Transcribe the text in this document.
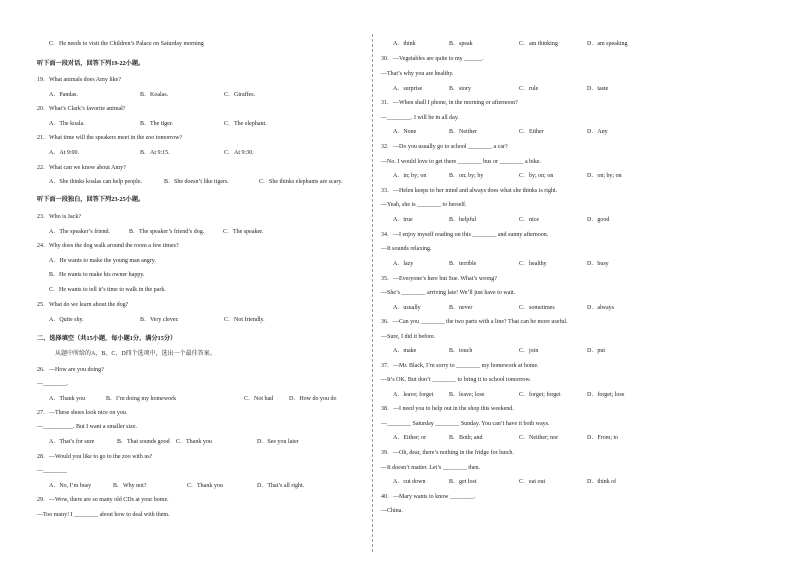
C．He needs to visit the Children’s Palace on Saturday morning
听下面一段对话，回答下列19-22小题。
19．What animals does Amy like?
A．Pandas.	B．Koalas.	C．Giraffes.
20．What’s Clark’s favorite animal?
A．The koala.	B．The tiger.	C．The elephant.
21．What time will the speakers meet in the zoo tomorrow?
A．At 9:00.	B．At 9:15.	C．At 9:30.
22．What can we know about Amy?
A．She thinks koalas can help people.	B．She doesn’t like tigers.	C．She thinks elephants are scary.
听下面一段独白，回答下列23-25小题。
23．Who is Jack?
A．The speaker’s friend.	B．The speaker’s friend’s dog.	C．The speaker.
24．Why does the dog walk around the room a few times?
A．He wants to make the young man angry.
B．He wants to make his owner happy.
C．He wants to tell it’s time to walk in the park.
25．What do we learn about the dog?
A．Quite shy.	B．Very clever.	C．Not friendly.
二、选择填空（共15小题，每小题1分，满分15分）
从题中所给的A、B、C、D四个选项中，选出一个最佳答案。
26．—How are you doing?
—________.
A．Thank you	B．I’m doing my homework	C．Not bad	D．How do you do
27．—These shoes look nice on you.
—__________. But I want a smaller size.
A．That’s for sure	B．That sounds good C．Thank you	D．See you later
28．—Would you like to go to the zoo with us?
—________
A．No, I’m busy	B．Why not?	C．Thank you	D．That’s all right.
29．—Wow, there are so many old CDs at your home.
—Too many! I ________ about how to deal with them.
A．think	B．speak	C．am thinking	D．am speaking
30．—Vegetables are quite to my ______.
—That’s why you are healthy.
A．surprise	B．story	C．rule	D．taste
31．—When shall I phone, in the morning or afternoon?
—________. I will be in all day.
A．None	B．Neither	C．Either	D．Any
32．—Do you usually go to school ________ a car?
—No. I would love to get there ________ bus or ________ a bike.
A．in; by; on	B．on; by; by	C．by; on; on	D．on; by; on
33．—Helen keeps to her mind and always does what she thinks is right.
—Yeah, she is ________ to herself.
A．true	B．helpful	C．nice	D．good
34．—I enjoy myself reading on this ________ and sunny afternoon.
—It sounds relaxing.
A．lazy	B．terrible	C．healthy	D．busy
35．—Everyone’s here but Sue. What’s wrong?
—She’s ________ arriving late! We’ll just have to wait.
A．usually	B．never	C．sometimes	D．always
36．—Can you ________ the two parts with a line? That can be more useful.
—Sure, I did it before.
A．make	B．touch	C．join	D．put
37．—Mr. Black, I’m sorry to ________ my homework at home.
—It’s OK. But don’t ________ to bring it to school tomorrow.
A．leave; forget	B．leave; lose	C．forget; forget	D．forget; lose
38．—I need you to help out in the shop this weekend.
—________ Saturday ________ Sunday. You can’t have it both ways.
A．Either; or	B．Both; and	C．Neither; nor	D．From; to
39．—Oh, dear, there’s nothing in the fridge for lunch.
—It doesn’t matter. Let’s ________ then.
A．cut down	B．get lost	C．eat out	D．think of
40．—Mary wants to know ________.
—China.
